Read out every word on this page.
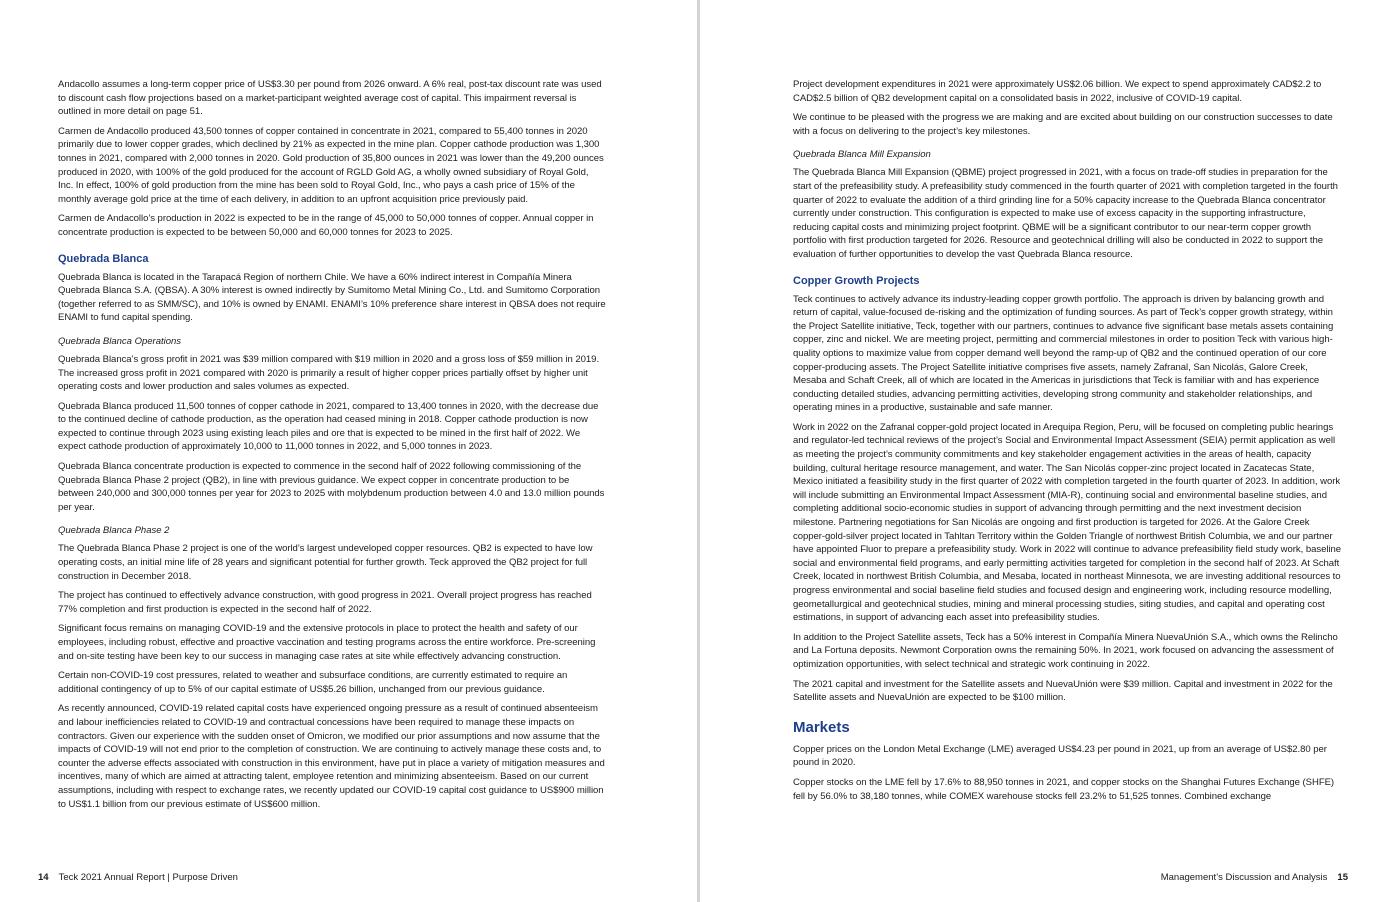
Andacollo assumes a long-term copper price of US$3.30 per pound from 2026 onward. A 6% real, post-tax discount rate was used to discount cash flow projections based on a market-participant weighted average cost of capital. This impairment reversal is outlined in more detail on page 51.

Carmen de Andacollo produced 43,500 tonnes of copper contained in concentrate in 2021, compared to 55,400 tonnes in 2020 primarily due to lower copper grades, which declined by 21% as expected in the mine plan. Copper cathode production was 1,300 tonnes in 2021, compared with 2,000 tonnes in 2020. Gold production of 35,800 ounces in 2021 was lower than the 49,200 ounces produced in 2020, with 100% of the gold produced for the account of RGLD Gold AG, a wholly owned subsidiary of Royal Gold, Inc. In effect, 100% of gold production from the mine has been sold to Royal Gold, Inc., who pays a cash price of 15% of the monthly average gold price at the time of each delivery, in addition to an upfront acquisition price previously paid.

Carmen de Andacollo’s production in 2022 is expected to be in the range of 45,000 to 50,000 tonnes of copper. Annual copper in concentrate production is expected to be between 50,000 and 60,000 tonnes for 2023 to 2025.

Quebrada Blanca

Quebrada Blanca is located in the Tarapacá Region of northern Chile. We have a 60% indirect interest in Compañía Minera Quebrada Blanca S.A. (QBSA). A 30% interest is owned indirectly by Sumitomo Metal Mining Co., Ltd. and Sumitomo Corporation (together referred to as SMM/SC), and 10% is owned by ENAMI. ENAMI’s 10% preference share interest in QBSA does not require ENAMI to fund capital spending.

Quebrada Blanca Operations

Quebrada Blanca’s gross profit in 2021 was $39 million compared with $19 million in 2020 and a gross loss of $59 million in 2019. The increased gross profit in 2021 compared with 2020 is primarily a result of higher copper prices partially offset by higher unit operating costs and lower production and sales volumes as expected.

Quebrada Blanca produced 11,500 tonnes of copper cathode in 2021, compared to 13,400 tonnes in 2020, with the decrease due to the continued decline of cathode production, as the operation had ceased mining in 2018. Copper cathode production is now expected to continue through 2023 using existing leach piles and ore that is expected to be mined in the first half of 2022. We expect cathode production of approximately 10,000 to 11,000 tonnes in 2022, and 5,000 tonnes in 2023.

Quebrada Blanca concentrate production is expected to commence in the second half of 2022 following commissioning of the Quebrada Blanca Phase 2 project (QB2), in line with previous guidance. We expect copper in concentrate production to be between 240,000 and 300,000 tonnes per year for 2023 to 2025 with molybdenum production between 4.0 and 13.0 million pounds per year.

Quebrada Blanca Phase 2

The Quebrada Blanca Phase 2 project is one of the world’s largest undeveloped copper resources. QB2 is expected to have low operating costs, an initial mine life of 28 years and significant potential for further growth. Teck approved the QB2 project for full construction in December 2018.

The project has continued to effectively advance construction, with good progress in 2021. Overall project progress has reached 77% completion and first production is expected in the second half of 2022.

Significant focus remains on managing COVID-19 and the extensive protocols in place to protect the health and safety of our employees, including robust, effective and proactive vaccination and testing programs across the entire workforce. Pre-screening and on-site testing have been key to our success in managing case rates at site while effectively advancing construction.

Certain non-COVID-19 cost pressures, related to weather and subsurface conditions, are currently estimated to require an additional contingency of up to 5% of our capital estimate of US$5.26 billion, unchanged from our previous guidance.

As recently announced, COVID-19 related capital costs have experienced ongoing pressure as a result of continued absenteeism and labour inefficiencies related to COVID-19 and contractual concessions have been required to manage these impacts on contractors. Given our experience with the sudden onset of Omicron, we modified our prior assumptions and now assume that the impacts of COVID-19 will not end prior to the completion of construction. We are continuing to actively manage these costs and, to counter the adverse effects associated with construction in this environment, have put in place a variety of mitigation measures and incentives, many of which are aimed at attracting talent, employee retention and minimizing absenteeism. Based on our current assumptions, including with respect to exchange rates, we recently updated our COVID-19 capital cost guidance to US$900 million to US$1.1 billion from our previous estimate of US$600 million.

14 Teck 2021 Annual Report | Purpose Driven

Project development expenditures in 2021 were approximately US$2.06 billion. We expect to spend approximately CAD$2.2 to CAD$2.5 billion of QB2 development capital on a consolidated basis in 2022, inclusive of COVID-19 capital.

We continue to be pleased with the progress we are making and are excited about building on our construction successes to date with a focus on delivering to the project’s key milestones.

Quebrada Blanca Mill Expansion

The Quebrada Blanca Mill Expansion (QBME) project progressed in 2021, with a focus on trade-off studies in preparation for the start of the prefeasibility study. A prefeasibility study commenced in the fourth quarter of 2021 with completion targeted in the fourth quarter of 2022 to evaluate the addition of a third grinding line for a 50% capacity increase to the Quebrada Blanca concentrator currently under construction. This configuration is expected to make use of excess capacity in the supporting infrastructure, reducing capital costs and minimizing project footprint. QBME will be a significant contributor to our near-term copper growth portfolio with first production targeted for 2026. Resource and geotechnical drilling will also be conducted in 2022 to support the evaluation of further opportunities to develop the vast Quebrada Blanca resource.

Copper Growth Projects

Teck continues to actively advance its industry-leading copper growth portfolio. The approach is driven by balancing growth and return of capital, value-focused de-risking and the optimization of funding sources. As part of Teck’s copper growth strategy, within the Project Satellite initiative, Teck, together with our partners, continues to advance five significant base metals assets containing copper, zinc and nickel. We are meeting project, permitting and commercial milestones in order to position Teck with various high-quality options to maximize value from copper demand well beyond the ramp-up of QB2 and the continued operation of our core copper-producing assets. The Project Satellite initiative comprises five assets, namely Zafranal, San Nicolás, Galore Creek, Mesaba and Schaft Creek, all of which are located in the Americas in jurisdictions that Teck is familiar with and has experience conducting detailed studies, advancing permitting activities, developing strong community and stakeholder relationships, and operating mines in a productive, sustainable and safe manner.

Work in 2022 on the Zafranal copper-gold project located in Arequipa Region, Peru, will be focused on completing public hearings and regulator-led technical reviews of the project’s Social and Environmental Impact Assessment (SEIA) permit application as well as meeting the project’s community commitments and key stakeholder engagement activities in the areas of health, capacity building, cultural heritage resource management, and water. The San Nicolás copper-zinc project located in Zacatecas State, Mexico initiated a feasibility study in the first quarter of 2022 with completion targeted in the fourth quarter of 2023. In addition, work will include submitting an Environmental Impact Assessment (MIA-R), continuing social and environmental baseline studies, and completing additional socio-economic studies in support of advancing through permitting and the next investment decision milestone. Partnering negotiations for San Nicolás are ongoing and first production is targeted for 2026. At the Galore Creek copper-gold-silver project located in Tahltan Territory within the Golden Triangle of northwest British Columbia, we and our partner have appointed Fluor to prepare a prefeasibility study. Work in 2022 will continue to advance prefeasibility field study work, baseline social and environmental field programs, and early permitting activities targeted for completion in the second half of 2023. At Schaft Creek, located in northwest British Columbia, and Mesaba, located in northeast Minnesota, we are investing additional resources to progress environmental and social baseline field studies and focused design and engineering work, including resource modelling, geometallurgical and geotechnical studies, mining and mineral processing studies, siting studies, and capital and operating cost estimations, in support of advancing each asset into prefeasibility studies.

In addition to the Project Satellite assets, Teck has a 50% interest in Compañía Minera NuevaUnión S.A., which owns the Relincho and La Fortuna deposits. Newmont Corporation owns the remaining 50%. In 2021, work focused on advancing the assessment of optimization opportunities, with select technical and strategic work continuing in 2022.

The 2021 capital and investment for the Satellite assets and NuevaUnión were $39 million. Capital and investment in 2022 for the Satellite assets and NuevaUnión are expected to be $100 million.

Markets

Copper prices on the London Metal Exchange (LME) averaged US$4.23 per pound in 2021, up from an average of US$2.80 per pound in 2020.

Copper stocks on the LME fell by 17.6% to 88,950 tonnes in 2021, and copper stocks on the Shanghai Futures Exchange (SHFE) fell by 56.0% to 38,180 tonnes, while COMEX warehouse stocks fell 23.2% to 51,525 tonnes. Combined exchange

Management’s Discussion and Analysis 15
